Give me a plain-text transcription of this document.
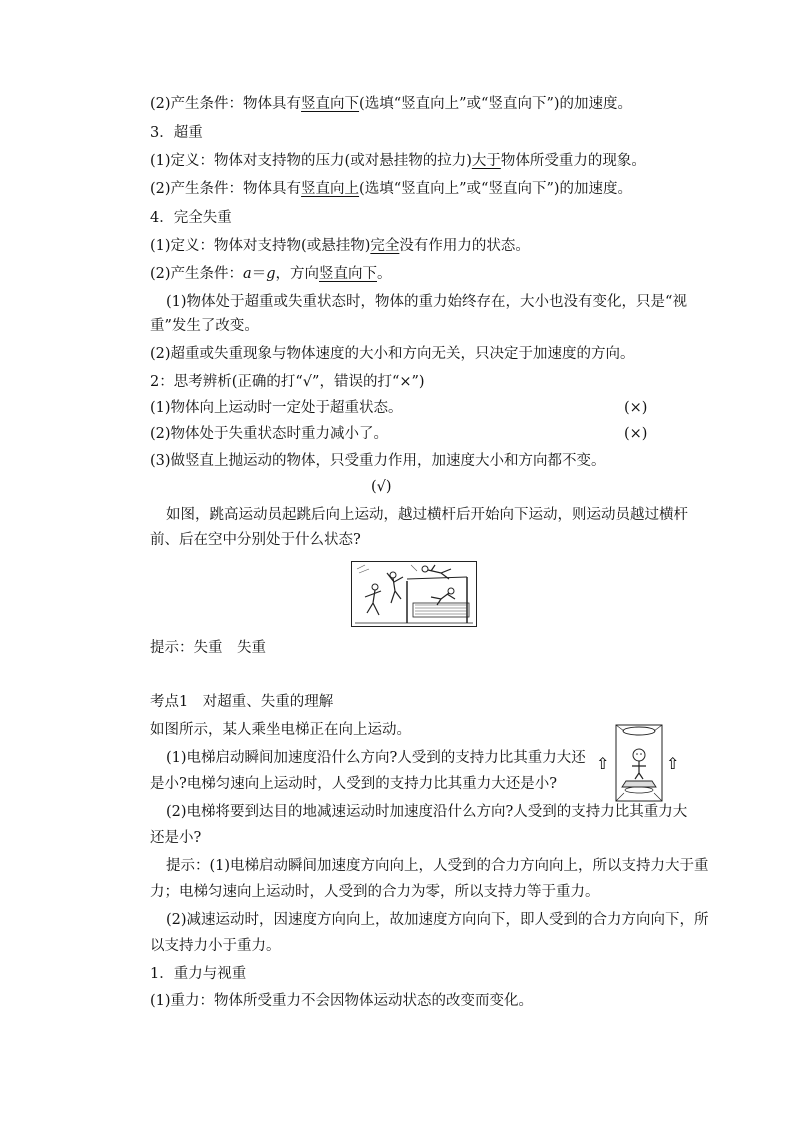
(2)产生条件：物体具有竖直向下(选填“竖直向上”或“竖直向下”)的加速度。
3．超重
(1)定义：物体对支持物的压力(或对悬挂物的拉力)大于物体所受重力的现象。
(2)产生条件：物体具有竖直向上(选填“竖直向上”或“竖直向下”)的加速度。
4．完全失重
(1)定义：物体对支持物(或悬挂物)完全没有作用力的状态。
(2)产生条件：a＝g，方向竖直向下。
(1)物体处于超重或失重状态时，物体的重力始终存在，大小也没有变化，只是“视
重”发生了改变。
(2)超重或失重现象与物体速度的大小和方向无关，只决定于加速度的方向。
2：思考辨析(正确的打“√”，错误的打“×”)
(1)物体向上运动时一定处于超重状态。	(×)
(2)物体处于失重状态时重力减小了。	(×)
(3)做竖直上抛运动的物体，只受重力作用，加速度大小和方向都不变。
(√)
如图，跳高运动员起跳后向上运动，越过横杆后开始向下运动，则运动员越过横杆
前、后在空中分别处于什么状态?
提示：失重　失重
考点1　对超重、失重的理解
如图所示，某人乘坐电梯正在向上运动。
(1)电梯启动瞬间加速度沿什么方向?人受到的支持力比其重力大还
是小?电梯匀速向上运动时，人受到的支持力比其重力大还是小?
⇧	⇧
(2)电梯将要到达目的地减速运动时加速度沿什么方向?人受到的支持力比其重力大
还是小?
提示：(1)电梯启动瞬间加速度方向向上，人受到的合力方向向上，所以支持力大于重
力；电梯匀速向上运动时，人受到的合力为零，所以支持力等于重力。
(2)减速运动时，因速度方向向上，故加速度方向向下，即人受到的合力方向向下，所
以支持力小于重力。
1．重力与视重
(1)重力：物体所受重力不会因物体运动状态的改变而变化。
